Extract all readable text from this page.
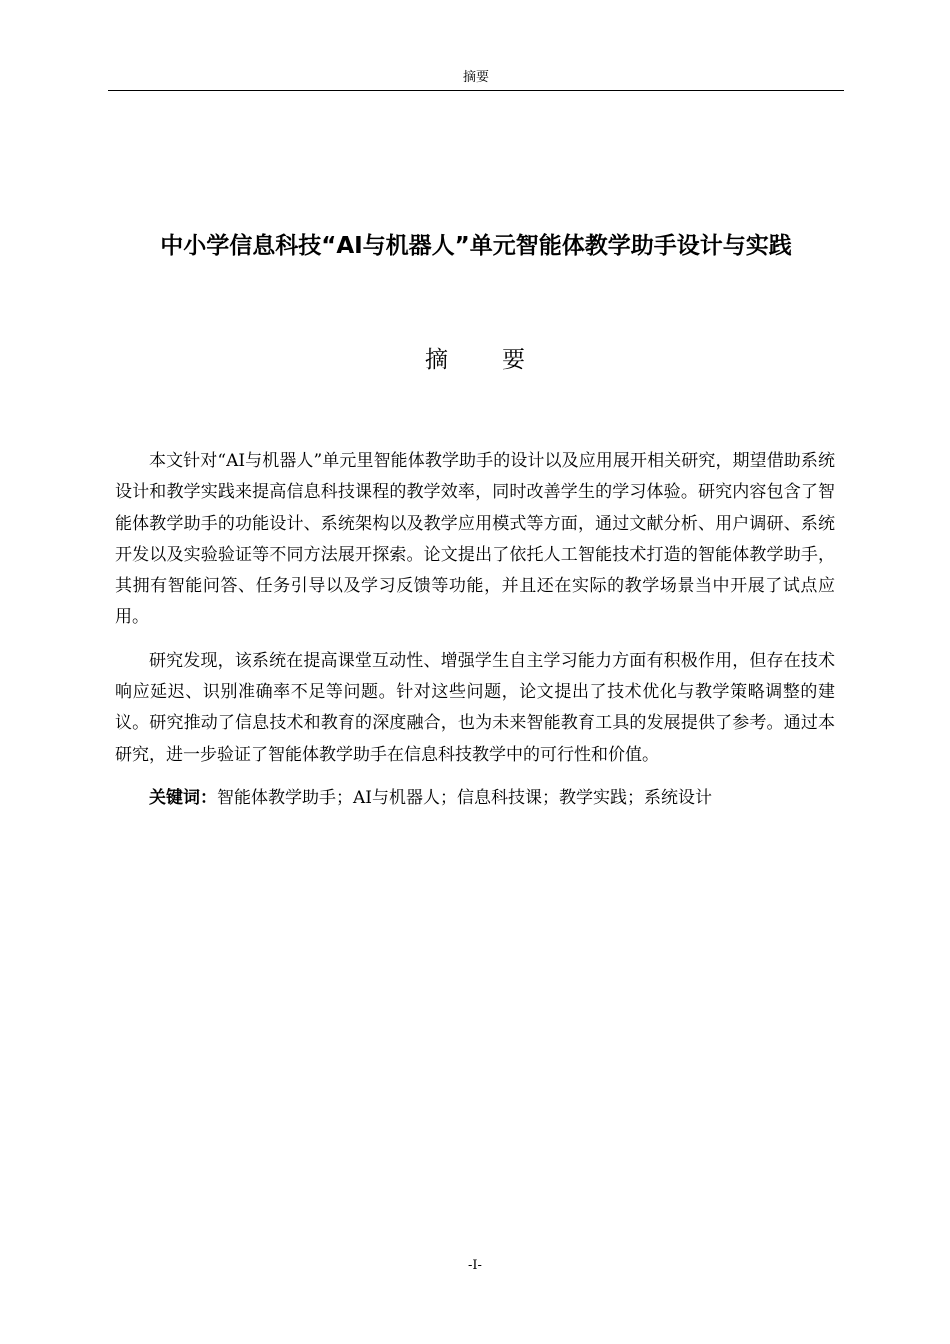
摘要
中小学信息科技“AI与机器人”单元智能体教学助手设计与实践
摘要

本文针对“AI与机器人”单元里智能体教学助手的设计以及应用展开相关研究，期望借助系统设计和教学实践来提高信息科技课程的教学效率，同时改善学生的学习体验。研究内容包含了智能体教学助手的功能设计、系统架构以及教学应用模式等方面，通过文献分析、用户调研、系统开发以及实验验证等不同方法展开探索。论文提出了依托人工智能技术打造的智能体教学助手，其拥有智能问答、任务引导以及学习反馈等功能，并且还在实际的教学场景当中开展了试点应用。

研究发现，该系统在提高课堂互动性、增强学生自主学习能力方面有积极作用，但存在技术响应延迟、识别准确率不足等问题。针对这些问题，论文提出了技术优化与教学策略调整的建议。研究推动了信息技术和教育的深度融合，也为未来智能教育工具的发展提供了参考。通过本研究，进一步验证了智能体教学助手在信息科技教学中的可行性和价值。

关键词：智能体教学助手；AI与机器人；信息科技课；教学实践；系统设计

-I-
